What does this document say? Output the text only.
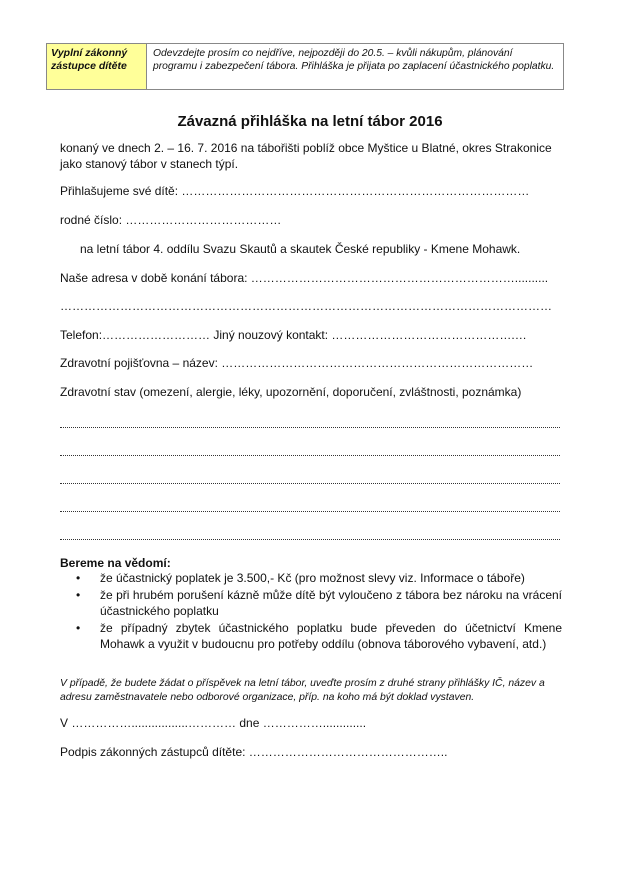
Vyplní zákonný
zástupce dítěte
Odevzdejte prosím co nejdříve, nejpozději do 20.5. – kvůli nákupům, plánování programu i zabezpečení tábora. Přihláška je přijata po zaplacení účastnického poplatku.
Závazná přihláška na letní tábor 2016
konaný ve dnech 2. – 16. 7. 2016 na tábořišti poblíž obce Myštice u Blatné, okres Strakonice jako stanový tábor v stanech týpí.
Přihlašujeme své dítě: ……………………………………………………………………………
rodné číslo: …………………………………
na letní tábor 4. oddílu Svazu Skautů a skautek České republiky - Kmene Mohawk.
Naše adresa v době konání tábora: …………………………………………………………..........
……………………………………………………………………………………………………………
Telefon:……………………… Jiný nouzový kontakt: ……………………………………….…
Zdravotní pojišťovna – název: ……………………………………………………………………
Zdravotní stav (omezení, alergie, léky, upozornění, doporučení, zvláštnosti, poznámka)
Bereme na vědomí:
• že účastnický poplatek je 3.500,- Kč (pro možnost slevy viz. Informace o táboře)
• že při hrubém porušení kázně může dítě být vyloučeno z tábora bez nároku na vrácení účastnického poplatku
• že případný zbytek účastnického poplatku bude převeden do účetnictví Kmene Mohawk a využit v budoucnu pro potřeby oddílu (obnova táborového vybavení, atd.)
V případě, že budete žádat o příspěvek na letní tábor, uveďte prosím z druhé strany přihlášky IČ, název a adresu zaměstnavatele nebo odborové organizace, příp. na koho má být doklad vystaven.
V …………….................………… dne …………….............
Podpis zákonných zástupců dítěte: …………………………………………..
